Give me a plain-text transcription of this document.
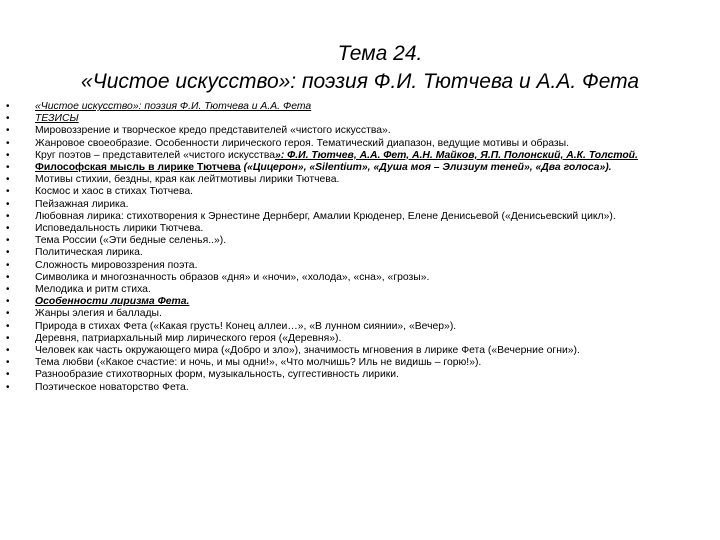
Тема 24.
«Чистое искусство»: поэзия Ф.И. Тютчева и А.А. Фета
• «Чистое искусство»: поэзия Ф.И. Тютчева и А.А. Фета
• ТЕЗИСЫ
• Мировоззрение и творческое кредо представителей «чистого искусства».
• Жанровое своеобразие. Особенности лирического героя. Тематический диапазон, ведущие мотивы и образы.
• Круг поэтов – представителей «чистого искусства»: Ф.И. Тютчев, А.А. Фет, А.Н. Майков, Я.П. Полонский, А.К. Толстой.
• Философская мысль в лирике Тютчева («Цицерон», «Silentium», «Душа моя – Элизиум теней», «Два голоса»).
• Мотивы стихии, бездны, края как лейтмотивы лирики Тютчева.
• Космос и хаос в стихах Тютчева.
• Пейзажная лирика.
• Любовная лирика: стихотворения к Эрнестине Дернберг, Амалии Крюденер, Елене Денисьевой («Денисьевский цикл»).
• Исповедальность лирики Тютчева.
• Тема России («Эти бедные селенья..»).
• Политическая лирика.
• Сложность мировоззрения поэта.
• Символика и многозначность образов «дня» и «ночи», «холода», «сна», «грозы».
• Мелодика и ритм стиха.
• Особенности лиризма Фета.
• Жанры элегия и баллады.
• Природа в стихах Фета («Какая грусть! Конец аллеи…», «В лунном сиянии», «Вечер»).
• Деревня, патриархальный мир лирического героя («Деревня»).
• Человек как часть окружающего мира («Добро и зло»), значимость мгновения в лирике Фета («Вечерние огни»).
• Тема любви («Какое счастие: и ночь, и мы одни!», «Что молчишь? Иль не видишь – горю!»).
• Разнообразие стихотворных форм, музыкальность, суггестивность лирики.
• Поэтическое новаторство Фета.
